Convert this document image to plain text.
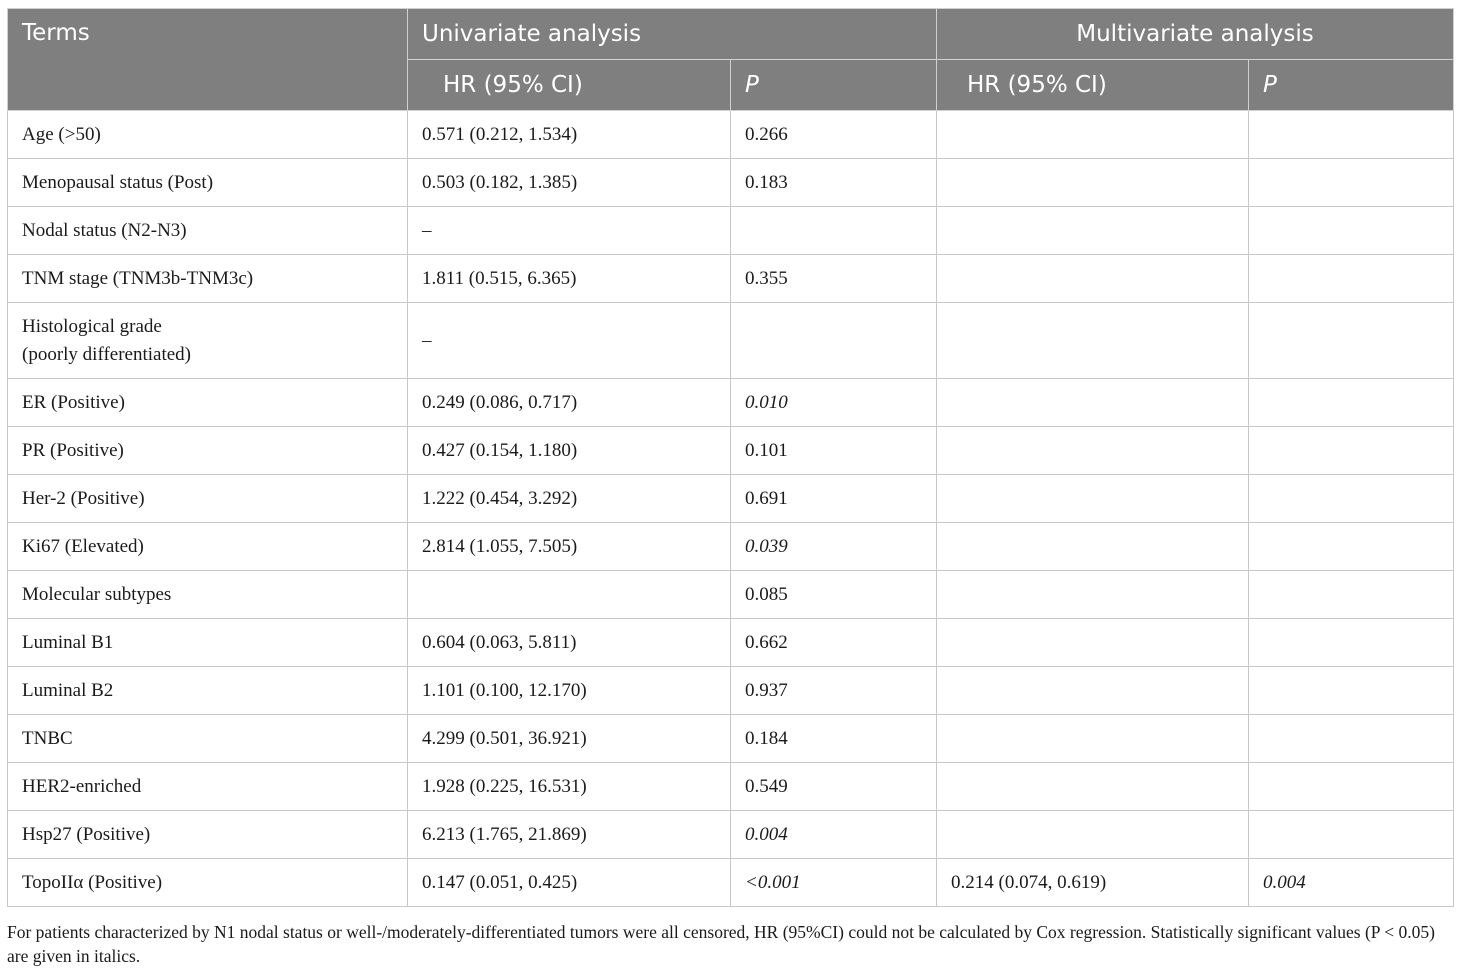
Terms	Univariate analysis		Multivariate analysis	
	HR (95% CI)	P	HR (95% CI)	P

Age (>50)	0.571 (0.212, 1.534)	0.266		

Menopausal status (Post)	0.503 (0.182, 1.385)	0.183		

Nodal status (N2-N3)	–			

TNM stage (TNM3b-TNM3c)	1.811 (0.515, 6.365)	0.355		

Histological grade
(poorly differentiated)	–			

ER (Positive)	0.249 (0.086, 0.717)	0.010		

PR (Positive)	0.427 (0.154, 1.180)	0.101		

Her-2 (Positive)	1.222 (0.454, 3.292)	0.691		

Ki67 (Elevated)	2.814 (1.055, 7.505)	0.039		

Molecular subtypes		0.085		

Luminal B1	0.604 (0.063, 5.811)	0.662		

Luminal B2	1.101 (0.100, 12.170)	0.937		

TNBC	4.299 (0.501, 36.921)	0.184		

HER2-enriched	1.928 (0.225, 16.531)	0.549		

Hsp27 (Positive)	6.213 (1.765, 21.869)	0.004		

TopoIIα (Positive)	0.147 (0.051, 0.425)	<0.001	0.214 (0.074, 0.619)	0.004
For patients characterized by N1 nodal status or well-/moderately-differentiated tumors were all censored, HR (95%CI) could not be calculated by Cox regression. Statistically significant values (P < 0.05) are given in italics.
